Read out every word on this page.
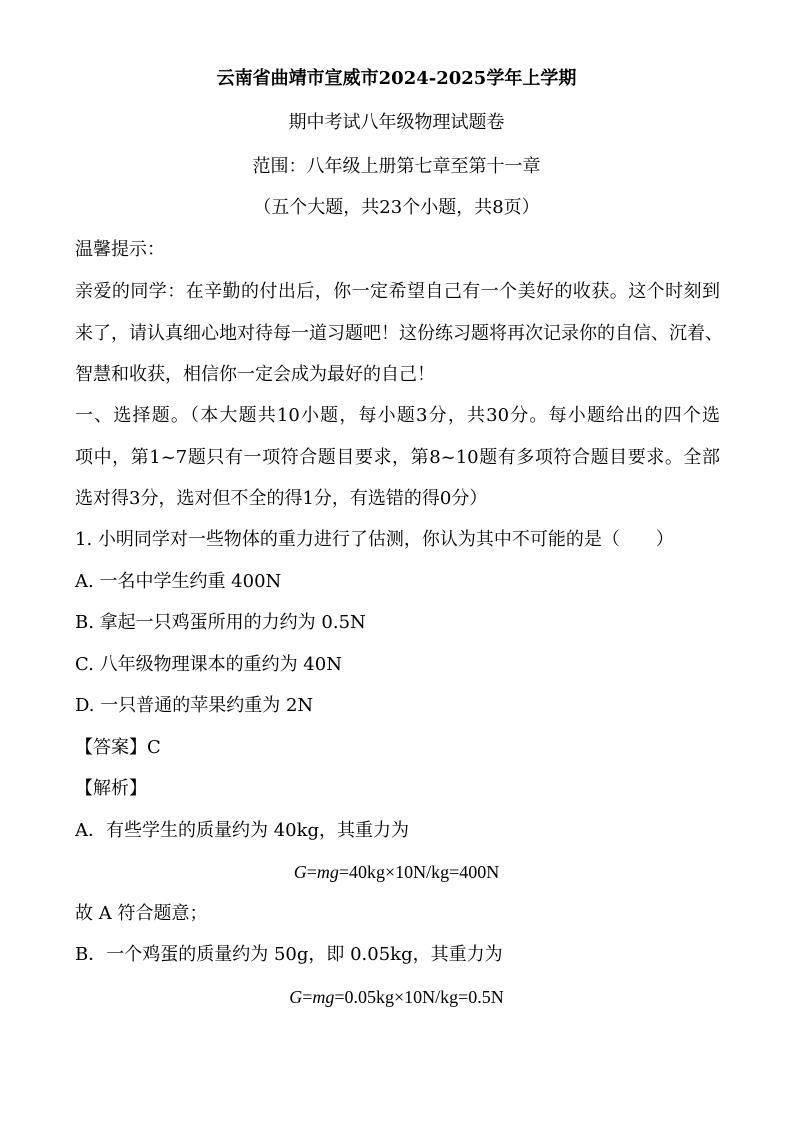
云南省曲靖市宣威市2024-2025学年上学期
期中考试八年级物理试题卷
范围：八年级上册第七章至第十一章
（五个大题，共23个小题，共8页）
温馨提示：
亲爱的同学：在辛勤的付出后，你一定希望自己有一个美好的收获。这个时刻到
来了，请认真细心地对待每一道习题吧！这份练习题将再次记录你的自信、沉着、
智慧和收获，相信你一定会成为最好的自己！
一、选择题。（本大题共10小题，每小题3分，共30分。每小题给出的四个选
项中，第1~7题只有一项符合题目要求，第8~10题有多项符合题目要求。全部
选对得3分，选对但不全的得1分，有选错的得0分）
1. 小明同学对一些物体的重力进行了估测，你认为其中不可能的是（　　）
A. 一名中学生约重 400N
B. 拿起一只鸡蛋所用的力约为 0.5N
C. 八年级物理课本的重约为 40N
D. 一只普通的苹果约重为 2N
【答案】C
【解析】
A．有些学生的质量约为 40kg，其重力为
G=mg=40kg×10N/kg=400N
故 A 符合题意；
B．一个鸡蛋的质量约为 50g，即 0.05kg，其重力为
G=mg=0.05kg×10N/kg=0.5N
